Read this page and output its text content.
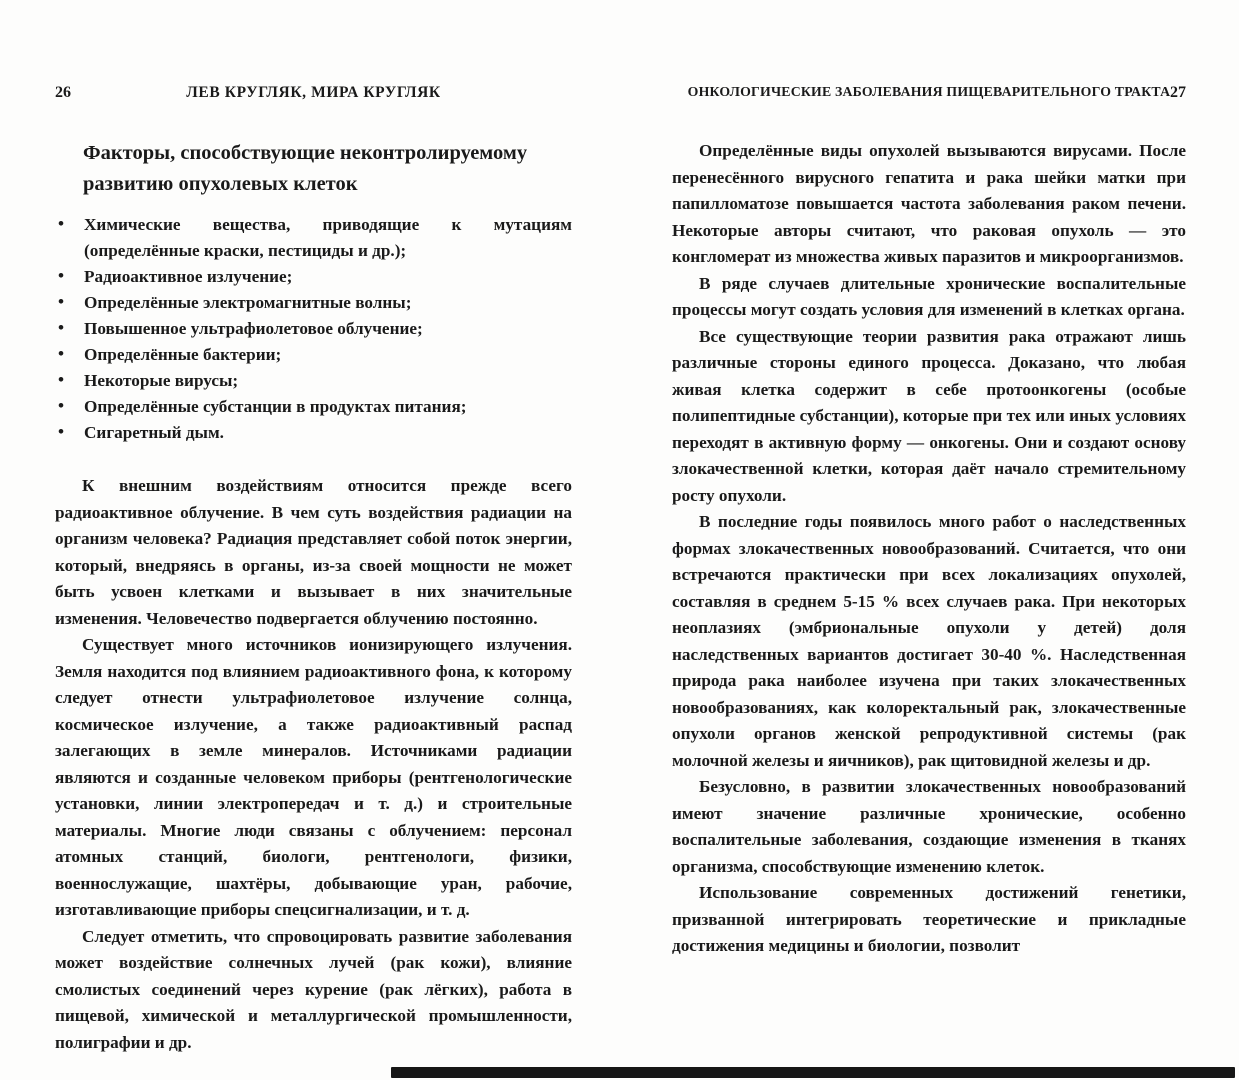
26	ЛЕВ КРУГЛЯК, МИРА КРУГЛЯК
Факторы, способствующие неконтролируемому развитию опухолевых клеток
• Химические вещества, приводящие к мутациям (определённые краски, пестициды и др.);
• Радиоактивное излучение;
• Определённые электромагнитные волны;
• Повышенное ультрафиолетовое облучение;
• Определённые бактерии;
• Некоторые вирусы;
• Определённые субстанции в продуктах питания;
• Сигаретный дым.

К внешним воздействиям относится прежде всего радиоактивное облучение. В чем суть воздействия радиации на организм человека? Радиация представляет собой поток энергии, который, внедряясь в органы, из-за своей мощности не может быть усвоен клетками и вызывает в них значительные изменения. Человечество подвергается облучению постоянно.

Существует много источников ионизирующего излучения. Земля находится под влиянием радиоактивного фона, к которому следует отнести ультрафиолетовое излучение солнца, космическое излучение, а также радиоактивный распад залегающих в земле минералов. Источниками радиации являются и созданные человеком приборы (рентгенологические установки, линии электропередач и т. д.) и строительные материалы. Многие люди связаны с облучением: персонал атомных станций, биологи, рентгенологи, физики, военнослужащие, шахтёры, добывающие уран, рабочие, изготавливающие приборы спецсигнализации, и т. д.

Следует отметить, что спровоцировать развитие заболевания может воздействие солнечных лучей (рак кожи), влияние смолистых соединений через курение (рак лёгких), работа в пищевой, химической и металлургической промышленности, полиграфии и др.

ОНКОЛОГИЧЕСКИЕ ЗАБОЛЕВАНИЯ ПИЩЕВАРИТЕЛЬНОГО ТРАКТА 27

Определённые виды опухолей вызываются вирусами. После перенесённого вирусного гепатита и рака шейки матки при папилломатозе повышается частота заболевания раком печени. Некоторые авторы считают, что раковая опухоль — это конгломерат из множества живых паразитов и микроорганизмов.

В ряде случаев длительные хронические воспалительные процессы могут создать условия для изменений в клетках органа.

Все существующие теории развития рака отражают лишь различные стороны единого процесса. Доказано, что любая живая клетка содержит в себе протоонкогены (особые полипептидные субстанции), которые при тех или иных условиях переходят в активную форму — онкогены. Они и создают основу злокачественной клетки, которая даёт начало стремительному росту опухоли.

В последние годы появилось много работ о наследственных формах злокачественных новообразований. Считается, что они встречаются практически при всех локализациях опухолей, составляя в среднем 5-15 % всех случаев рака. При некоторых неоплазиях (эмбриональные опухоли у детей) доля наследственных вариантов достигает 30-40 %. Наследственная природа рака наиболее изучена при таких злокачественных новообразованиях, как колоректальный рак, злокачественные опухоли органов женской репродуктивной системы (рак молочной железы и яичников), рак щитовидной железы и др.

Безусловно, в развитии злокачественных новообразований имеют значение различные хронические, особенно воспалительные заболевания, создающие изменения в тканях организма, способствующие изменению клеток.

Использование современных достижений генетики, призванной интегрировать теоретические и прикладные достижения медицины и биологии, позволит
